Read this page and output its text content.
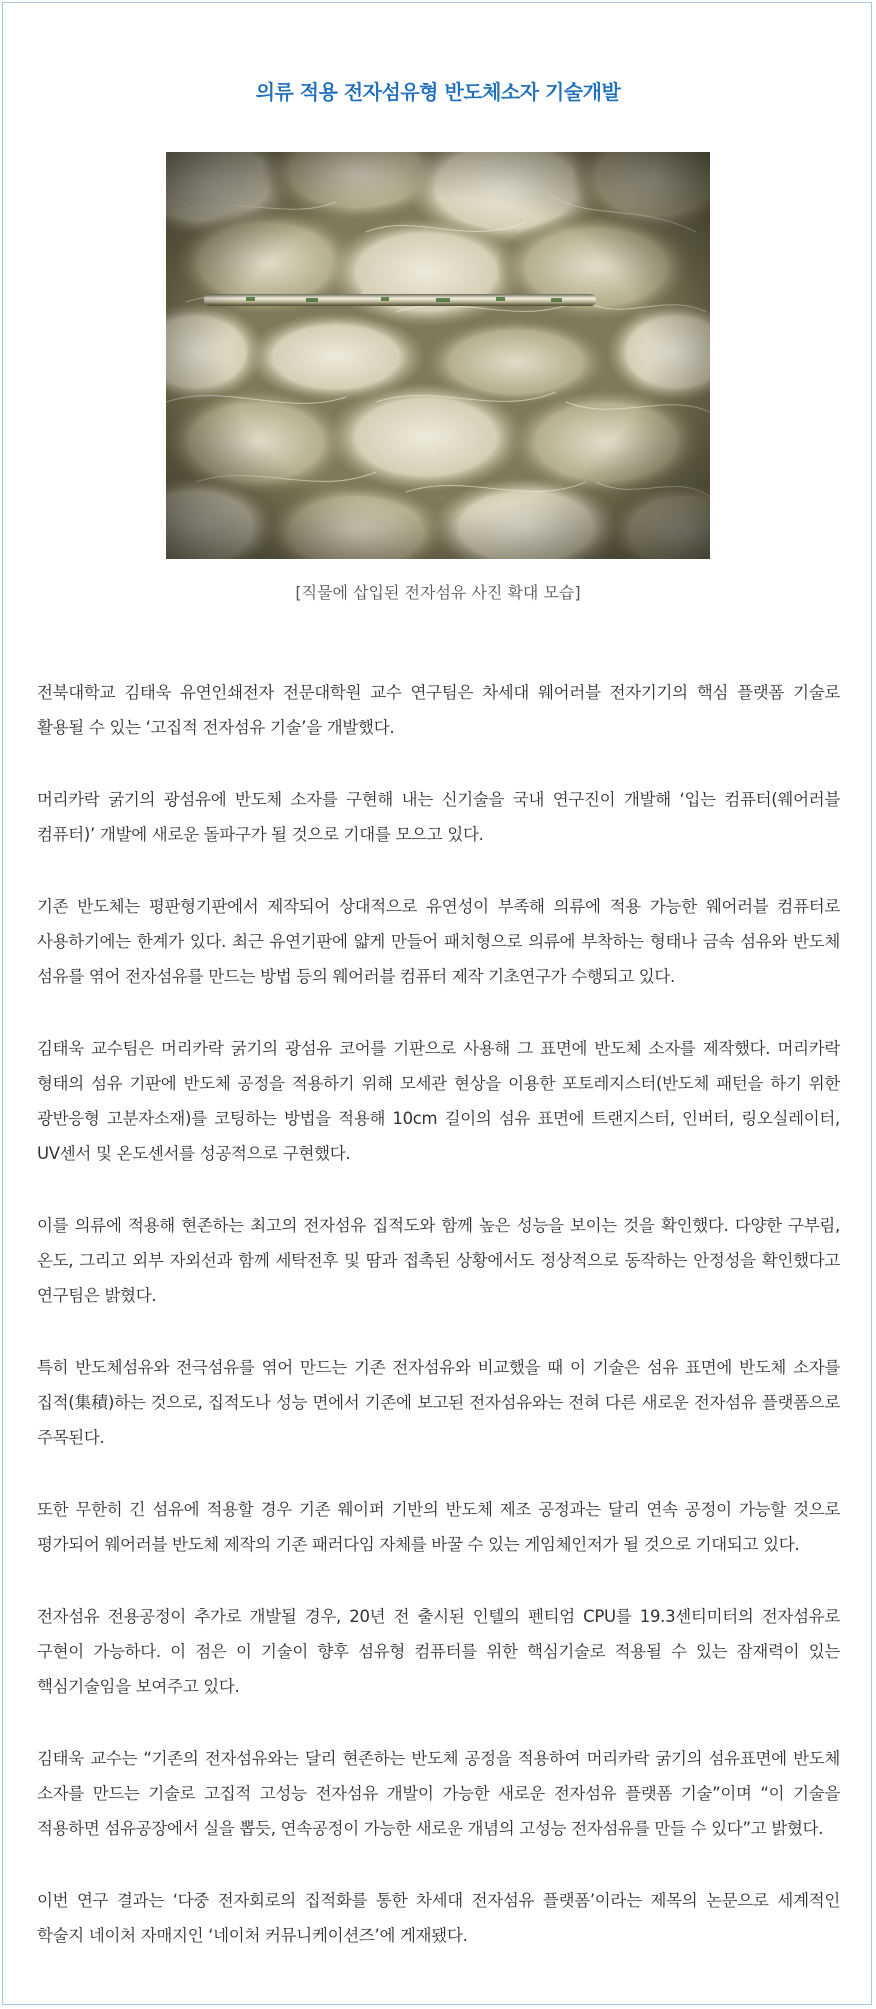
의류 적용 전자섬유형 반도체소자 기술개발
[직물에 삽입된 전자섬유 사진 확대 모습]

전북대학교 김태욱 유연인쇄전자 전문대학원 교수 연구팀은 차세대 웨어러블 전자기기의 핵심 플랫폼 기술로 활용될 수 있는 ‘고집적 전자섬유 기술’을 개발했다.

머리카락 굵기의 광섬유에 반도체 소자를 구현해 내는 신기술을 국내 연구진이 개발해 ‘입는 컴퓨터(웨어러블 컴퓨터)’ 개발에 새로운 돌파구가 될 것으로 기대를 모으고 있다.

기존 반도체는 평판형기판에서 제작되어 상대적으로 유연성이 부족해 의류에 적용 가능한 웨어러블 컴퓨터로 사용하기에는 한계가 있다. 최근 유연기판에 얇게 만들어 패치형으로 의류에 부착하는 형태나 금속 섬유와 반도체 섬유를 엮어 전자섬유를 만드는 방법 등의 웨어러블 컴퓨터 제작 기초연구가 수행되고 있다.

김태욱 교수팀은 머리카락 굵기의 광섬유 코어를 기판으로 사용해 그 표면에 반도체 소자를 제작했다. 머리카락 형태의 섬유 기판에 반도체 공정을 적용하기 위해 모세관 현상을 이용한 포토레지스터(반도체 패턴을 하기 위한 광반응형 고분자소재)를 코팅하는 방법을 적용해 10cm 길이의 섬유 표면에 트랜지스터, 인버터, 링오실레이터, UV센서 및 온도센서를 성공적으로 구현했다.

이를 의류에 적용해 현존하는 최고의 전자섬유 집적도와 함께 높은 성능을 보이는 것을 확인했다. 다양한 구부림, 온도, 그리고 외부 자외선과 함께 세탁전후 및 땀과 접촉된 상황에서도 정상적으로 동작하는 안정성을 확인했다고 연구팀은 밝혔다.

특히 반도체섬유와 전극섬유를 엮어 만드는 기존 전자섬유와 비교했을 때 이 기술은 섬유 표면에 반도체 소자를 집적(集積)하는 것으로, 집적도나 성능 면에서 기존에 보고된 전자섬유와는 전혀 다른 새로운 전자섬유 플랫폼으로 주목된다.

또한 무한히 긴 섬유에 적용할 경우 기존 웨이퍼 기반의 반도체 제조 공정과는 달리 연속 공정이 가능할 것으로 평가되어 웨어러블 반도체 제작의 기존 패러다임 자체를 바꿀 수 있는 게임체인저가 될 것으로 기대되고 있다.

전자섬유 전용공정이 추가로 개발될 경우, 20년 전 출시된 인텔의 펜티엄 CPU를 19.3센티미터의 전자섬유로 구현이 가능하다. 이 점은 이 기술이 향후 섬유형 컴퓨터를 위한 핵심기술로 적용될 수 있는 잠재력이 있는 핵심기술임을 보여주고 있다.

김태욱 교수는 “기존의 전자섬유와는 달리 현존하는 반도체 공정을 적용하여 머리카락 굵기의 섬유표면에 반도체 소자를 만드는 기술로 고집적 고성능 전자섬유 개발이 가능한 새로운 전자섬유 플랫폼 기술”이며 “이 기술을 적용하면 섬유공장에서 실을 뽑듯, 연속공정이 가능한 새로운 개념의 고성능 전자섬유를 만들 수 있다”고 밝혔다.

이번 연구 결과는 ‘다중 전자회로의 집적화를 통한 차세대 전자섬유 플랫폼’이라는 제목의 논문으로 세계적인 학술지 네이처 자매지인 ‘네이처 커뮤니케이션즈’에 게재됐다.
